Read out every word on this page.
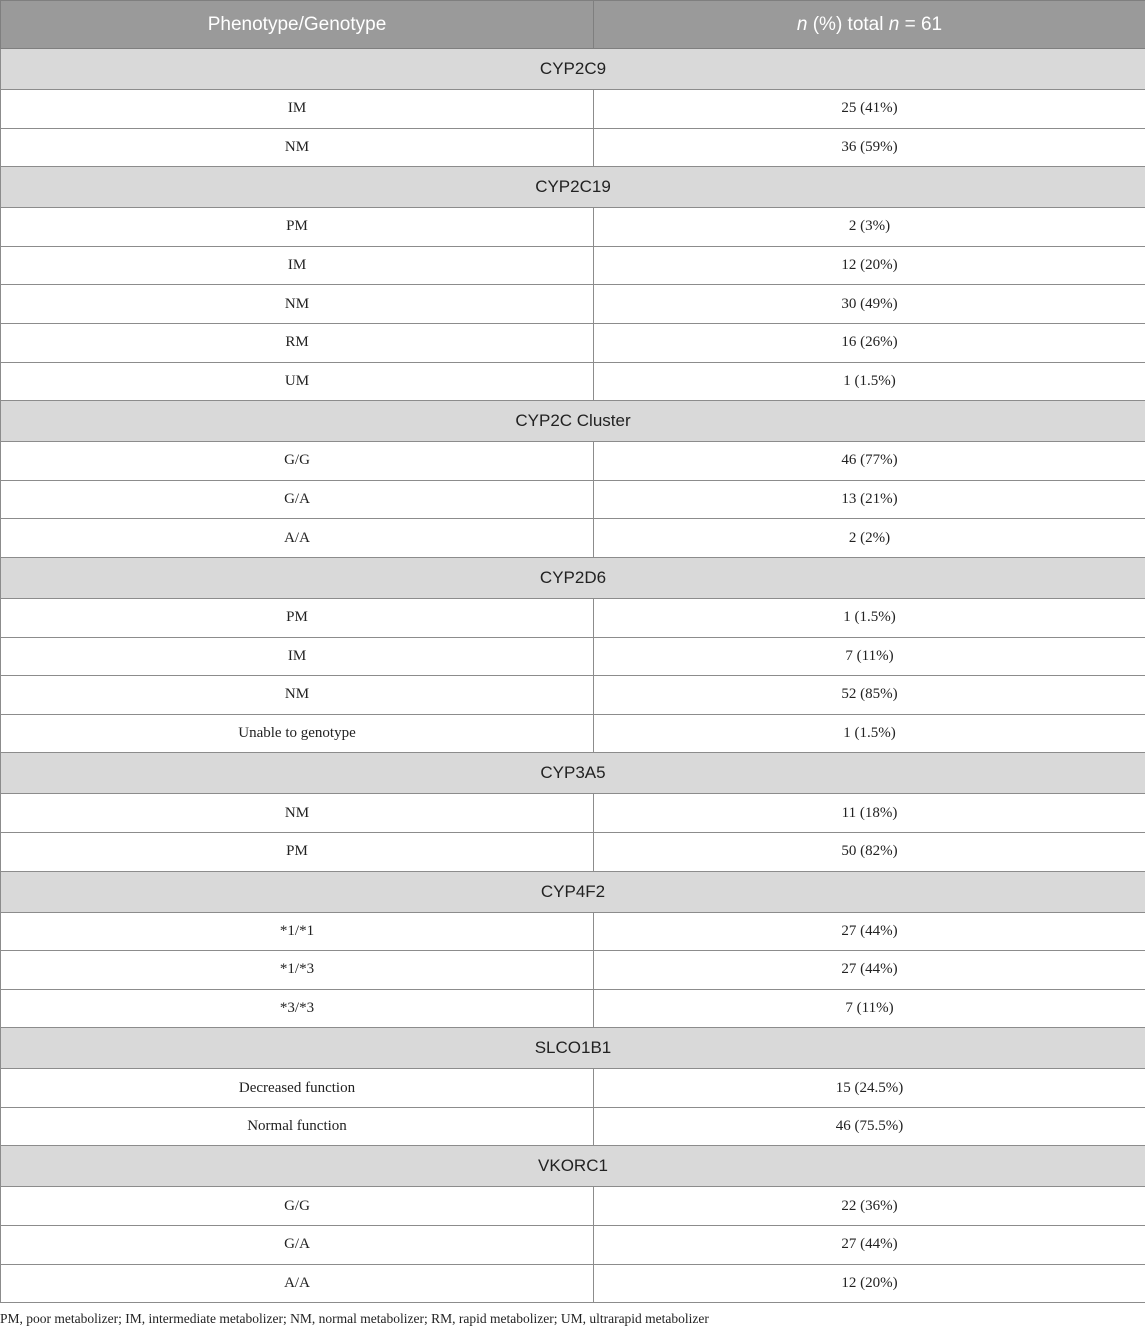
Phenotype/Genotype	n (%) total n = 61
CYP2C9	
IM	25 (41%)
NM	36 (59%)
CYP2C19	
PM	2 (3%)
IM	12 (20%)
NM	30 (49%)
RM	16 (26%)
UM	1 (1.5%)
CYP2C Cluster	
G/G	46 (77%)
G/A	13 (21%)
A/A	2 (2%)
CYP2D6	
PM	1 (1.5%)
IM	7 (11%)
NM	52 (85%)
Unable to genotype	1 (1.5%)
CYP3A5	
NM	11 (18%)
PM	50 (82%)
CYP4F2	
*1/*1	27 (44%)
*1/*3	27 (44%)
*3/*3	7 (11%)
SLCO1B1	
Decreased function	15 (24.5%)
Normal function	46 (75.5%)
VKORC1	
G/G	22 (36%)
G/A	27 (44%)
A/A	12 (20%)
PM, poor metabolizer; IM, intermediate metabolizer; NM, normal metabolizer; RM, rapid metabolizer; UM, ultrarapid metabolizer
